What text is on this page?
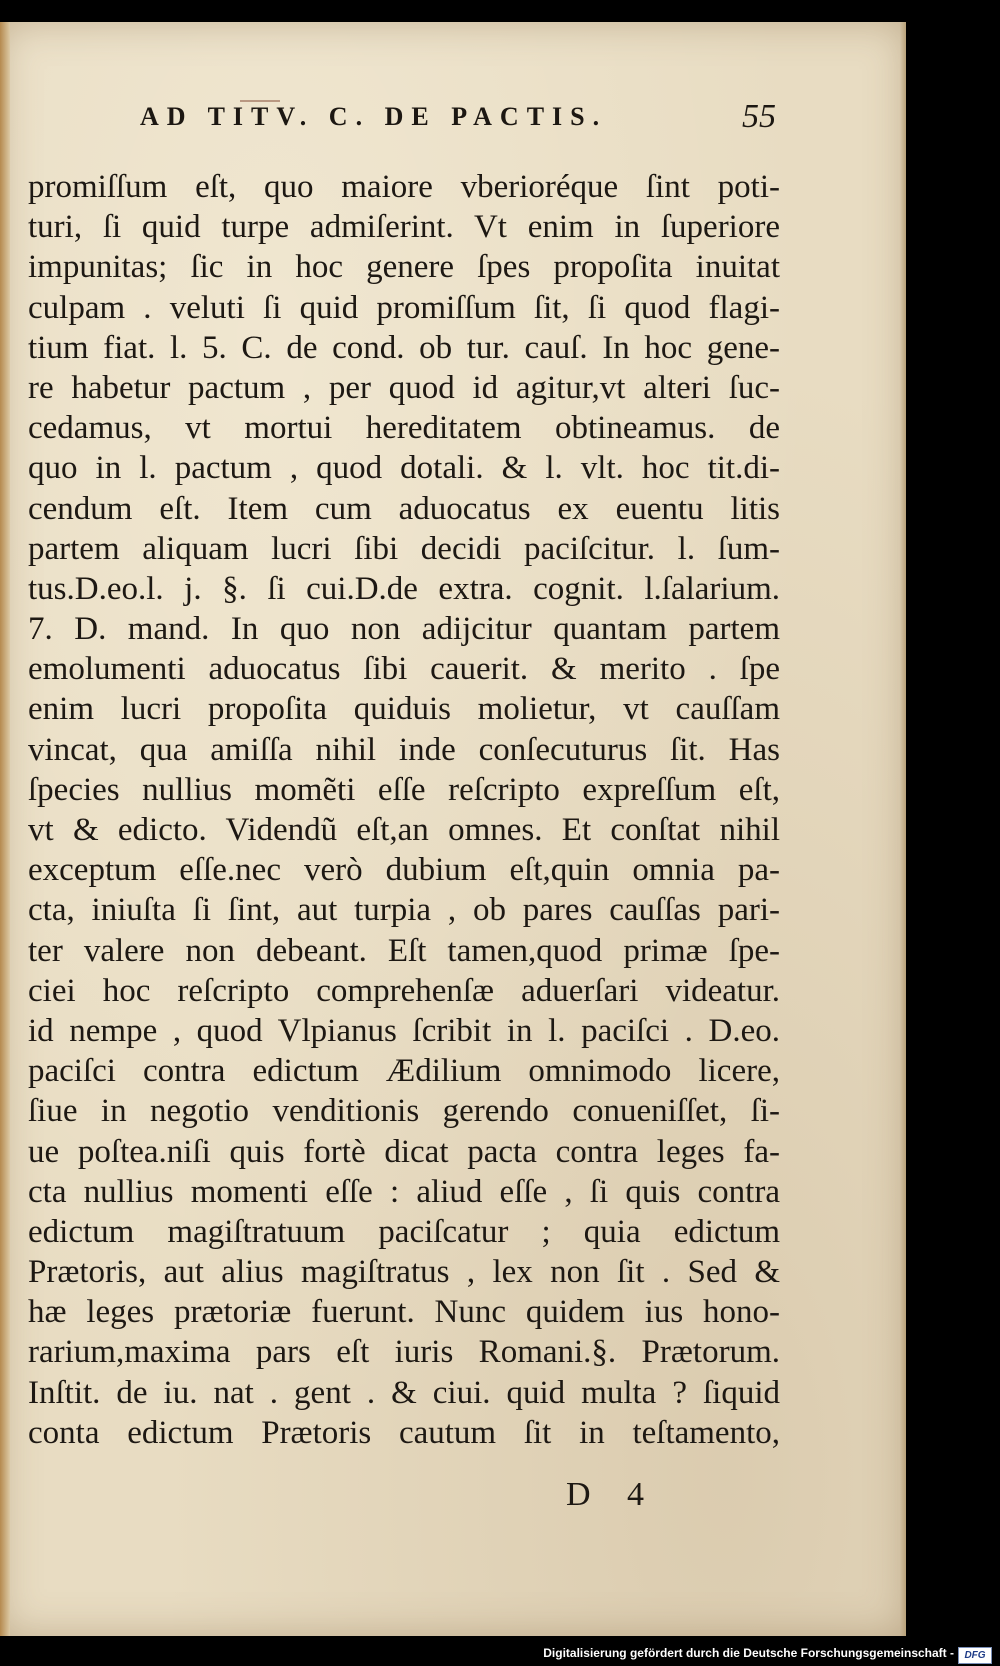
AD TITV. C. DE PACTIS.	55
promiſſum eſt, quo maiore vberioréque ſint poti-
turi, ſi quid turpe admiſerint. Vt enim in ſuperiore
impunitas; ſic in hoc genere ſpes propoſita inuitat
culpam . veluti ſi quid promiſſum ſit, ſi quod flagi-
tium fiat. l. 5. C. de cond. ob tur. cauſ. In hoc gene-
re habetur pactum , per quod id agitur,vt alteri ſuc-
cedamus, vt mortui hereditatem obtineamus. de
quo in l. pactum , quod dotali. & l. vlt. hoc tit.di-
cendum eſt. Item cum aduocatus ex euentu litis
partem aliquam lucri ſibi decidi paciſcitur. l. ſum-
tus.D.eo.l. j. §. ſi cui.D.de extra. cognit. l.ſalarium.
7. D. mand. In quo non adijcitur quantam partem
emolumenti aduocatus ſibi cauerit. & merito . ſpe
enim lucri propoſita quiduis molietur, vt cauſſam
vincat, qua amiſſa nihil inde conſecuturus ſit. Has
ſpecies nullius momẽti eſſe reſcripto expreſſum eſt,
vt & edicto. Videndũ eſt,an omnes. Et conſtat nihil
exceptum eſſe.nec verò dubium eſt,quin omnia pa-
cta, iniuſta ſi ſint, aut turpia , ob pares cauſſas pari-
ter valere non debeant. Eſt tamen,quod primæ ſpe-
ciei hoc reſcripto comprehenſæ aduerſari videatur.
id nempe , quod Vlpianus ſcribit in l. paciſci . D.eo.
paciſci contra edictum Ædilium omnimodo licere,
ſiue in negotio venditionis gerendo conueniſſet, ſi-
ue poſtea.niſi quis fortè dicat pacta contra leges fa-
cta nullius momenti eſſe : aliud eſſe , ſi quis contra
edictum magiſtratuum paciſcatur ; quia edictum
Prætoris, aut alius magiſtratus , lex non ſit . Sed &
hæ leges prætoriæ fuerunt. Nunc quidem ius hono-
rarium,maxima pars eſt iuris Romani.§. Prætorum.
Inſtit. de iu. nat . gent . & ciui. quid multa ? ſiquid
conta edictum Prætoris cautum ſit in teſtamento,
D 4
Digitalisierung gefördert durch die Deutsche Forschungsgemeinschaft -	DFG
